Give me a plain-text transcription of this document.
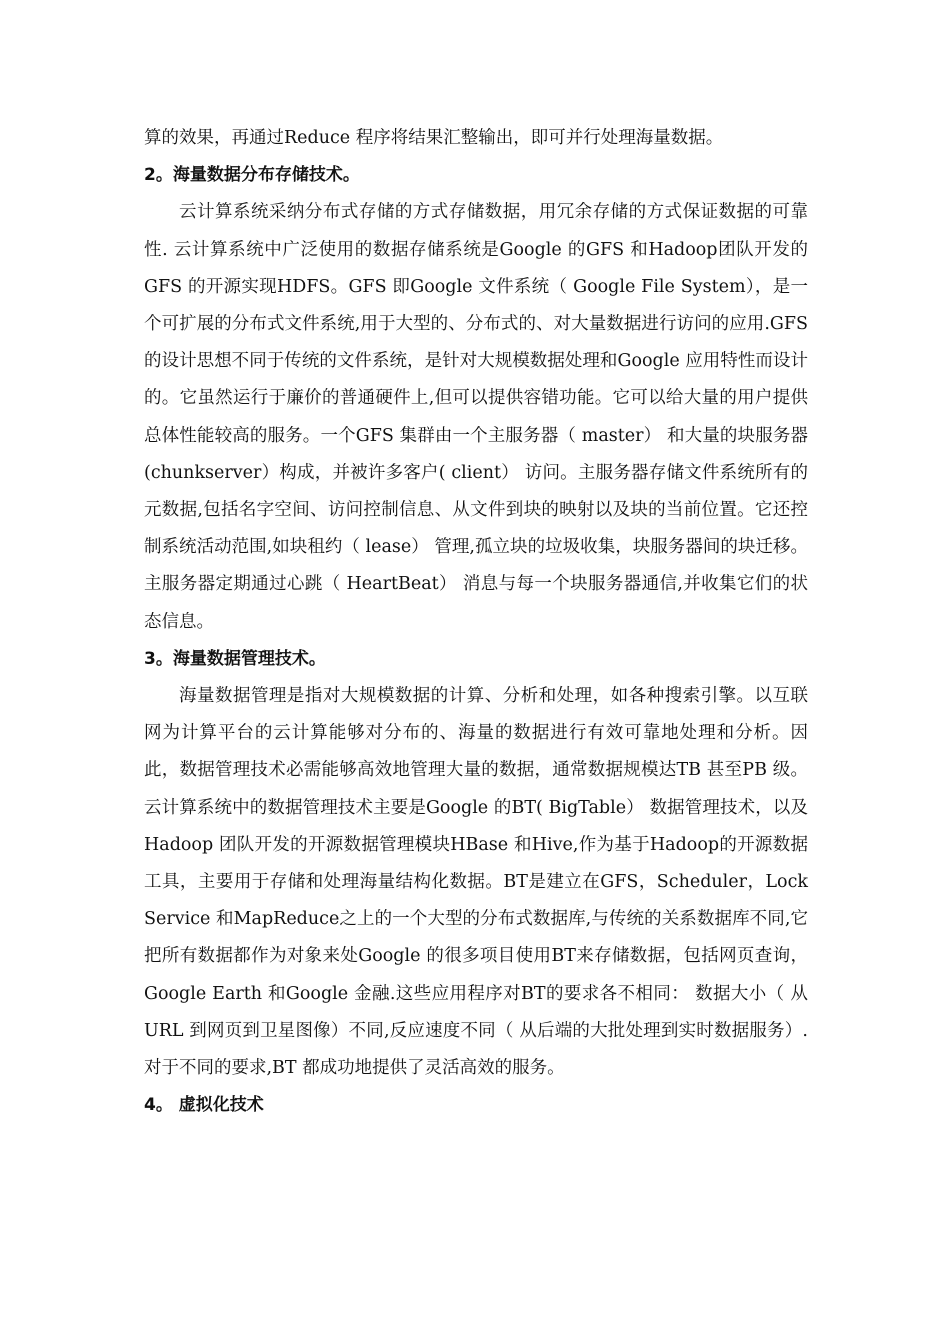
算的效果，再通过Reduce 程序将结果汇整输出，即可并行处理海量数据。

2。海量数据分布存储技术。

云计算系统采纳分布式存储的方式存储数据，用冗余存储的方式保证数据的可靠性. 云计算系统中广泛使用的数据存储系统是Google 的GFS 和Hadoop团队开发的GFS 的开源实现HDFS。GFS 即Google 文件系统（ Google File System），是一个可扩展的分布式文件系统,用于大型的、分布式的、对大量数据进行访问的应用.GFS 的设计思想不同于传统的文件系统，是针对大规模数据处理和Google 应用特性而设计的。它虽然运行于廉价的普通硬件上,但可以提供容错功能。它可以给大量的用户提供总体性能较高的服务。一个GFS 集群由一个主服务器（ master） 和大量的块服务器(chunkserver）构成，并被许多客户( client） 访问。主服务器存储文件系统所有的元数据,包括名字空间、访问控制信息、从文件到块的映射以及块的当前位置。它还控制系统活动范围,如块租约（ lease） 管理,孤立块的垃圾收集，块服务器间的块迁移。主服务器定期通过心跳（ HeartBeat） 消息与每一个块服务器通信,并收集它们的状态信息。

3。海量数据管理技术。

海量数据管理是指对大规模数据的计算、分析和处理，如各种搜索引擎。以互联网为计算平台的云计算能够对分布的、海量的数据进行有效可靠地处理和分析。因此，数据管理技术必需能够高效地管理大量的数据，通常数据规模达TB 甚至PB 级。云计算系统中的数据管理技术主要是Google 的BT( BigTable） 数据管理技术，以及Hadoop 团队开发的开源数据管理模块HBase 和Hive,作为基于Hadoop的开源数据工具，主要用于存储和处理海量结构化数据。BT是建立在GFS，Scheduler，Lock Service 和MapReduce之上的一个大型的分布式数据库,与传统的关系数据库不同,它把所有数据都作为对象来处Google 的很多项目使用BT来存储数据，包括网页查询，Google Earth 和Google 金融.这些应用程序对BT的要求各不相同： 数据大小（ 从URL 到网页到卫星图像）不同,反应速度不同（ 从后端的大批处理到实时数据服务）.对于不同的要求,BT 都成功地提供了灵活高效的服务。

4。 虚拟化技术
